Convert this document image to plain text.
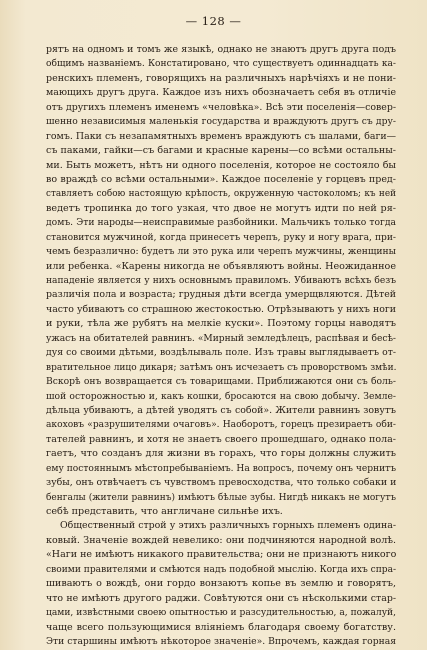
— 128 —
рятъ на одномъ и томъ же языкѣ, однако не знаютъ другъ друга подъ
общимъ названіемъ. Констатировано, что существуетъ одиннадцать ка-
ренскихъ племенъ, говорящихъ на различныхъ нарѣчіяхъ и не пони-
мающихъ другъ друга. Каждое изъ нихъ обозначаетъ себя въ отличіе
отъ другихъ племенъ именемъ «человѣка». Всѣ эти поселенія—совер-
шенно независимыя маленькія государства и враждуютъ другъ съ дру-
гомъ. Паки съ незапамятныхъ временъ враждуютъ съ шалами, баги—
съ паками, гайки—съ багами и красные карены—со всѣми остальны-
ми. Быть можетъ, нѣтъ ни одного поселенія, которое не состояло бы
во враждѣ со всѣми остальными». Каждое поселеніе у горцевъ пред-
ставляетъ собою настоящую крѣпость, окруженную частоколомъ; къ ней
ведетъ тропинка до того узкая, что двое не могутъ идти по ней ря-
домъ. Эти народы—неисправимые разбойники. Мальчикъ только тогда
становится мужчиной, когда принесетъ черепъ, руку и ногу врага, при-
чемъ безразлично: будетъ ли это рука или черепъ мужчины, женщины
или ребенка. «Карены никогда не объявляютъ войны. Неожиданное
нападеніе является у нихъ основнымъ правиломъ. Убиваютъ всѣхъ безъ
различія пола и возраста; грудныя дѣти всегда умерщвляются. Дѣтей
часто убиваютъ со страшною жестокостью. Отрѣзываютъ у нихъ ноги
и руки, тѣла же рубятъ на мелкіе куски». Поэтому горцы наводятъ
ужасъ на обитателей равнинъ. «Мирный земледѣлецъ, распѣвая и бесѣ-
дуя со своими дѣтьми, воздѣлываль поле. Изъ травы выглядываетъ от-
вратительное лицо дикаря; затѣмъ онъ исчезаетъ съ проворствомъ змѣи.
Вскорѣ онъ возвращается съ товарищами. Приближаются они съ боль-
шой осторожностью и, какъ кошки, бросаются на свою добычу. Земле-
дѣльца убиваютъ, а дѣтей уводятъ съ собой». Жители равнинъ зовутъ
акоховъ «разрушителями очаговъ». Наоборотъ, горецъ презираетъ оби-
тателей равнинъ, и хотя не знаетъ своего прошедшаго, однако пола-
гаетъ, что созданъ для жизни въ горахъ, что горы должны служить
ему постояннымъ мѣстопребываніемъ. На вопросъ, почему онъ чернитъ
зубы, онъ отвѣчаетъ съ чувствомъ превосходства, что только собаки и
бенгалы (жители равнинъ) имѣютъ бѣлые зубы. Нигдѣ никакъ не могутъ
себѣ представить, что англичане сильнѣе ихъ.
Общественный строй у этихъ различныхъ горныхъ племенъ одина-
ковый. Значеніе вождей невелико: они подчиняются народной волѣ.
«Наги не имѣютъ никакого правительства; они не признаютъ никого
своими правителями и смѣются надъ подобной мыслію. Когда ихъ спра-
шиваютъ о вождѣ, они гордо вонзаютъ копье въ землю и говорятъ,
что не имѣютъ другого раджи. Совѣтуются они съ нѣсколькими стар-
цами, извѣстными своею опытностью и разсудительностью, а, пожалуй,
чаще всего пользующимися вліяніемъ благодаря своему богатству.
Эти старшины имѣютъ нѣкоторое значеніе». Впрочемъ, каждая горная
